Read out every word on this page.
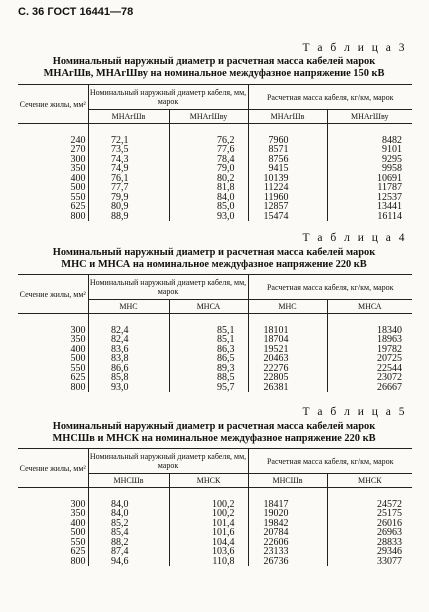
С. 36 ГОСТ 16441—78
Т а б л и ц а 3
Номинальный наружный диаметр и расчетная масса кабелей марок
МНАгШв, МНАгШву на номинальное междуфазное напряжение 150 кВ
Сечение жилы, мм²	Номинальный наружный диаметр кабеля, мм, марок		Расчетная масса кабеля, кг/км, марок	
	МНАгШв	МНАгШву	МНАгШв	МНАгШву

240	72,1	76,2	7960	8482
270	73,5	77,6	8571	9101
300	74,3	78,4	8756	9295
350	74,9	79,0	9415	9958
400	76,1	80,2	10139	10691
500	77,7	81,8	11224	11787
550	79,9	84,0	11960	12537
625	80,9	85,0	12857	13441
800	88,9	93,0	15474	16114
Т а б л и ц а 4
Номинальный наружный диаметр и расчетная масса кабелей марок
МНС и МНСА на номинальное междуфазное напряжение 220 кВ
Сечение жилы, мм²	Номинальный наружный диаметр кабеля, мм, марок		Расчетная масса кабеля, кг/км, марок	
	МНС	МНСА	МНС	МНСА

300	82,4	85,1	18101	18340
350	82,4	85,1	18704	18963
400	83,6	86,3	19521	19782
500	83,8	86,5	20463	20725
550	86,6	89,3	22276	22544
625	85,8	88,5	22805	23072
800	93,0	95,7	26381	26667
Т а б л и ц а 5
Номинальный наружный диаметр и расчетная масса кабелей марок
МНСШв и МНСК на номинальное междуфазное напряжение 220 кВ
Сечение жилы, мм²	Номинальный наружный диаметр кабеля, мм, марок		Расчетная масса кабеля, кг/км, марок	
	МНСШв	МНСК	МНСШв	МНСК

300	84,0	100,2	18417	24572
350	84,0	100,2	19020	25175
400	85,2	101,4	19842	26016
500	85,4	101,6	20784	26963
550	88,2	104,4	22606	28833
625	87,4	103,6	23133	29346
800	94,6	110,8	26736	33077
